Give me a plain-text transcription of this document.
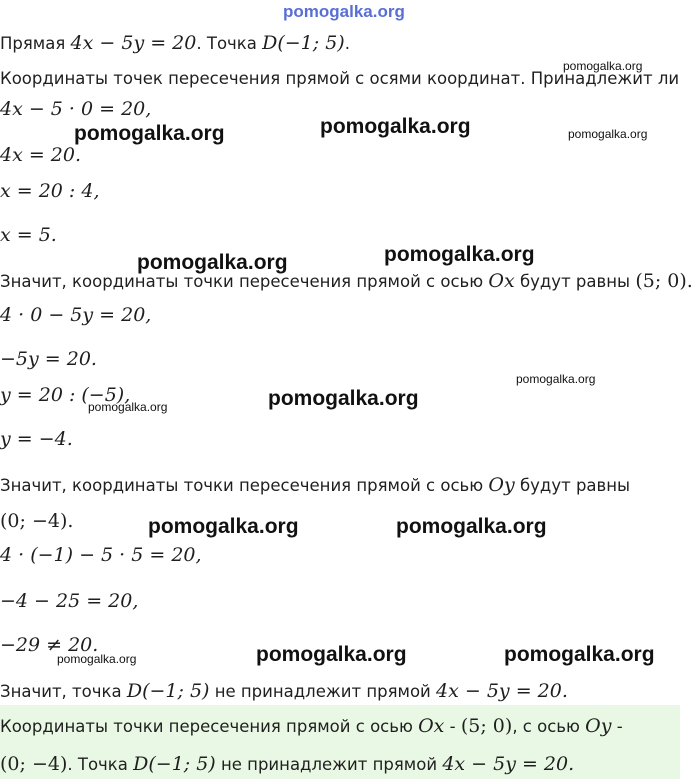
pomogalka.org
Прямая 4x − 5y = 20. Точка D(−1; 5).
Координаты точек пересечения прямой с осями координат. Принадлежит ли
pomogalka.org
4x − 5 · 0 = 20,
pomogalka.org	pomogalka.org	pomogalka.org
4x = 20.
x = 20 : 4,
x = 5.
pomogalka.org
pomogalka.org
Значит, координаты точки пересечения прямой с осью Ox будут равны (5; 0).
4 · 0 − 5y = 20,
−5y = 20.
y = 20 : (−5),
pomogalka.org
pomogalka.org
pomogalka.org
y = −4.
Значит, координаты точки пересечения прямой с осью Oy будут равны
(0; −4).	pomogalka.org	pomogalka.org
4 · (−1) − 5 · 5 = 20,
−4 − 25 = 20,
−29 ≠ 20.
pomogalka.org	pomogalka.org	pomogalka.org
Значит, точка D(−1; 5) не принадлежит прямой 4x − 5y = 20.
Координаты точки пересечения прямой с осью Ox - (5; 0), с осью Oy -
(0; −4). Точка D(−1; 5) не принадлежит прямой 4x − 5y = 20.
